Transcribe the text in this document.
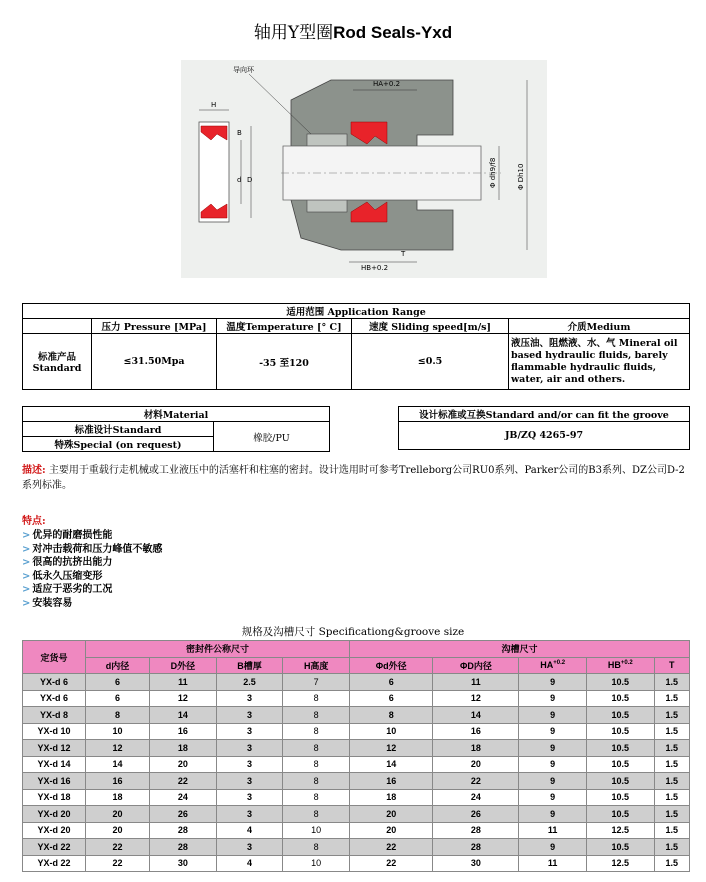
轴用Y型圈Rod Seals-Yxd
H
B
d D
导向环
HA+0.2
Φ dh9/f8	Φ Dh10
T
HB+0.2
适用范围 Application Range				
	压力 Pressure [MPa]	温度Temperature [° C]	速度 Sliding speed[m/s]	介质Medium
标准产品 Standard	≤31.50Mpa	-35 至120	≤0.5	液压油、阻燃液、水、气 Mineral oil based hydraulic fluids, barely flammable hydraulic fluids, water, air and others.
材料Material
标准设计Standard	橡胶/PU
特殊Special (on request)
设计标准或互换Standard and/or can fit the groove
JB/ZQ 4265-97
描述: 主要用于重载行走机械或工业液压中的活塞杆和柱塞的密封。设计选用时可参考Trelleborg公司RU0系列、Parker公司的B3系列、DZ公司D-2系列标准。
特点:
> 优异的耐磨损性能
> 对冲击载荷和压力峰值不敏感
> 很高的抗挤出能力
> 低永久压缩变形
> 适应于恶劣的工况
> 安装容易
规格及沟槽尺寸 Specificationg&groove size
定货号	密封件公称尺寸				沟槽尺寸				
	d内径	D外径	B槽厚	H高度	Φd外径	ΦD内径	$HA^{+0.2}$	$HB^{+0.2}$	T
YX-d 6	6	11	2.5	7	6	11	9	10.5	1.5
YX-d 6	6	12	3	8	6	12	9	10.5	1.5
YX-d 8	8	14	3	8	8	14	9	10.5	1.5
YX-d 10	10	16	3	8	10	16	9	10.5	1.5
YX-d 12	12	18	3	8	12	18	9	10.5	1.5
YX-d 14	14	20	3	8	14	20	9	10.5	1.5
YX-d 16	16	22	3	8	16	22	9	10.5	1.5
YX-d 18	18	24	3	8	18	24	9	10.5	1.5
YX-d 20	20	26	3	8	20	26	9	10.5	1.5
YX-d 20	20	28	4	10	20	28	11	12.5	1.5
YX-d 22	22	28	3	8	22	28	9	10.5	1.5
YX-d 22	22	30	4	10	22	30	11	12.5	1.5
